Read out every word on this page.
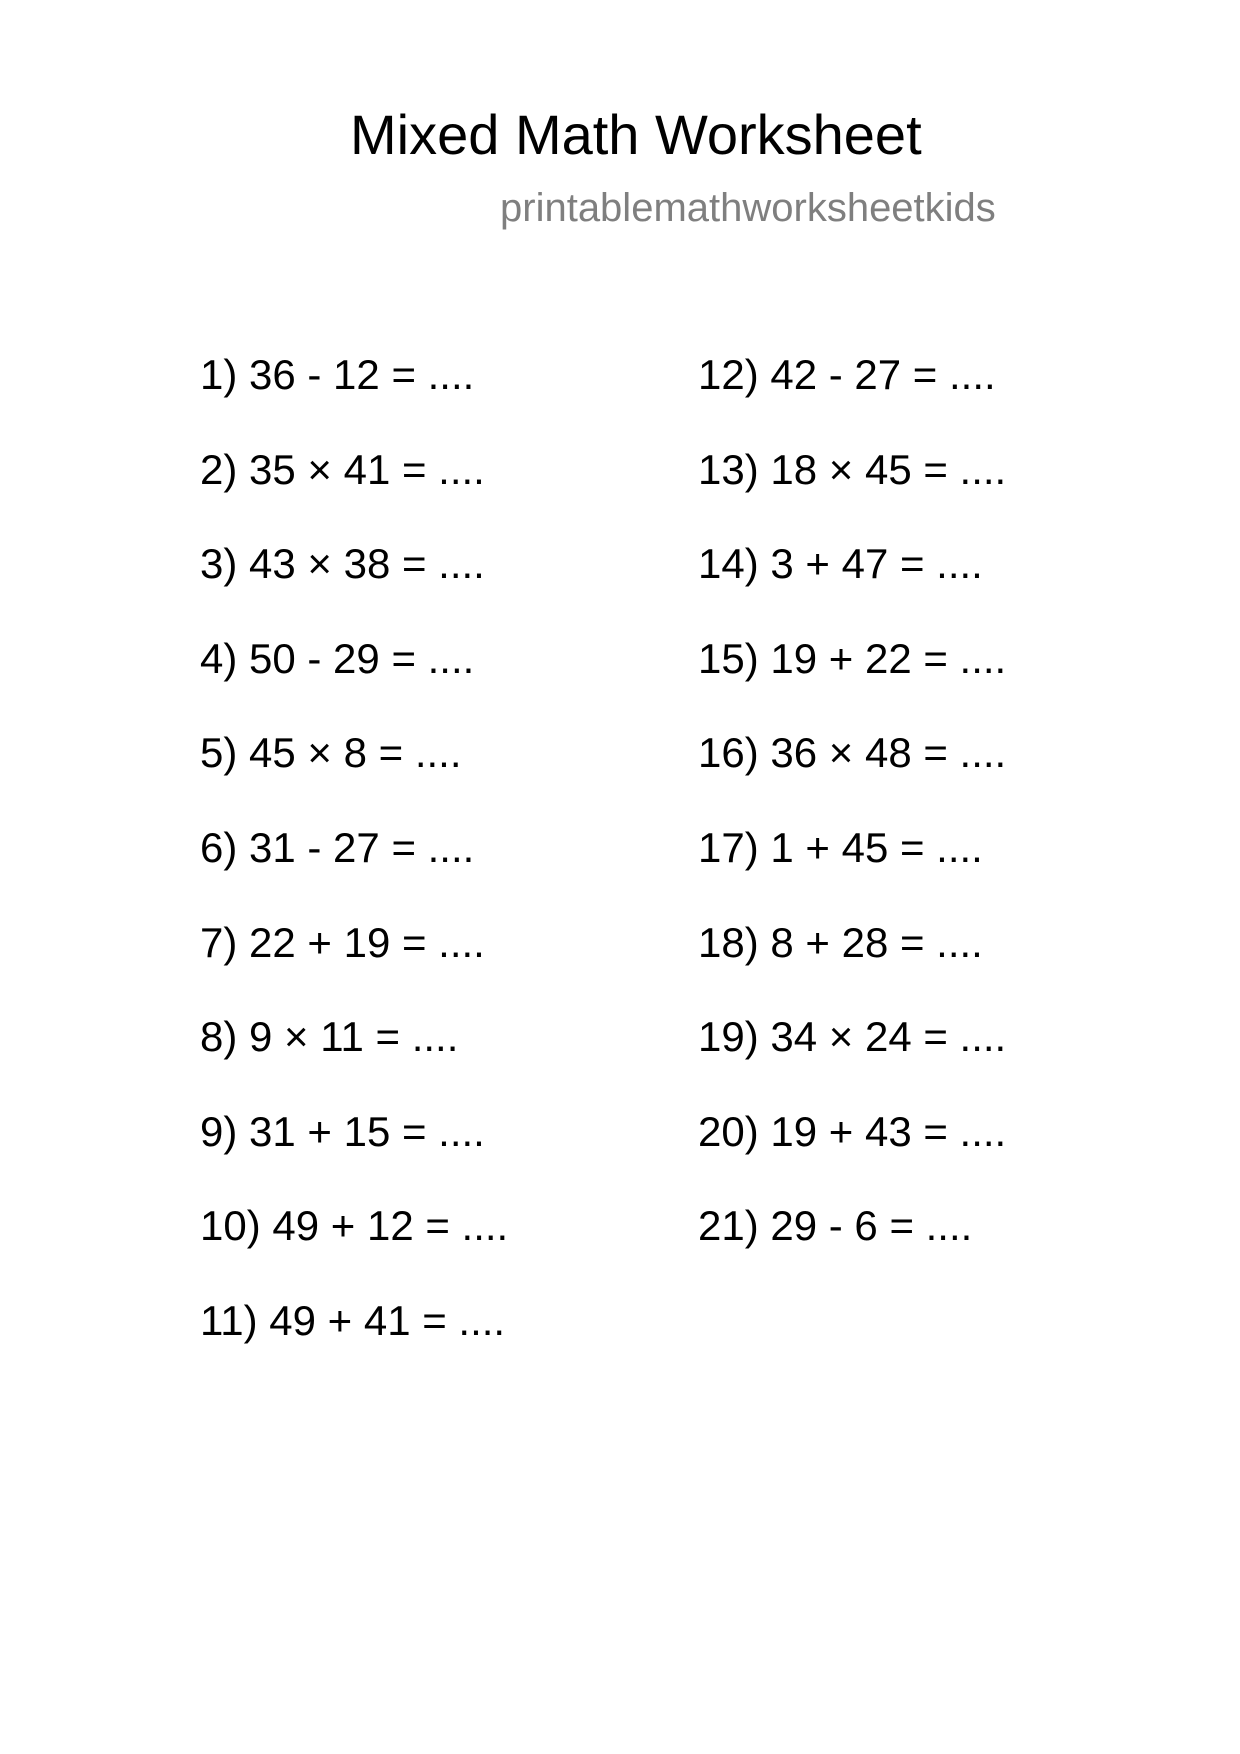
Mixed Math Worksheet
printablemathworksheetkids
1) 36 - 12 = ....
2) 35 × 41 = ....
3) 43 × 38 = ....
4) 50 - 29 = ....
5) 45 × 8 = ....
6) 31 - 27 = ....
7) 22 + 19 = ....
8) 9 × 11 = ....
9) 31 + 15 = ....
10) 49 + 12 = ....
11) 49 + 41 = ....
12) 42 - 27 = ....
13) 18 × 45 = ....
14) 3 + 47 = ....
15) 19 + 22 = ....
16) 36 × 48 = ....
17) 1 + 45 = ....
18) 8 + 28 = ....
19) 34 × 24 = ....
20) 19 + 43 = ....
21) 29 - 6 = ....
